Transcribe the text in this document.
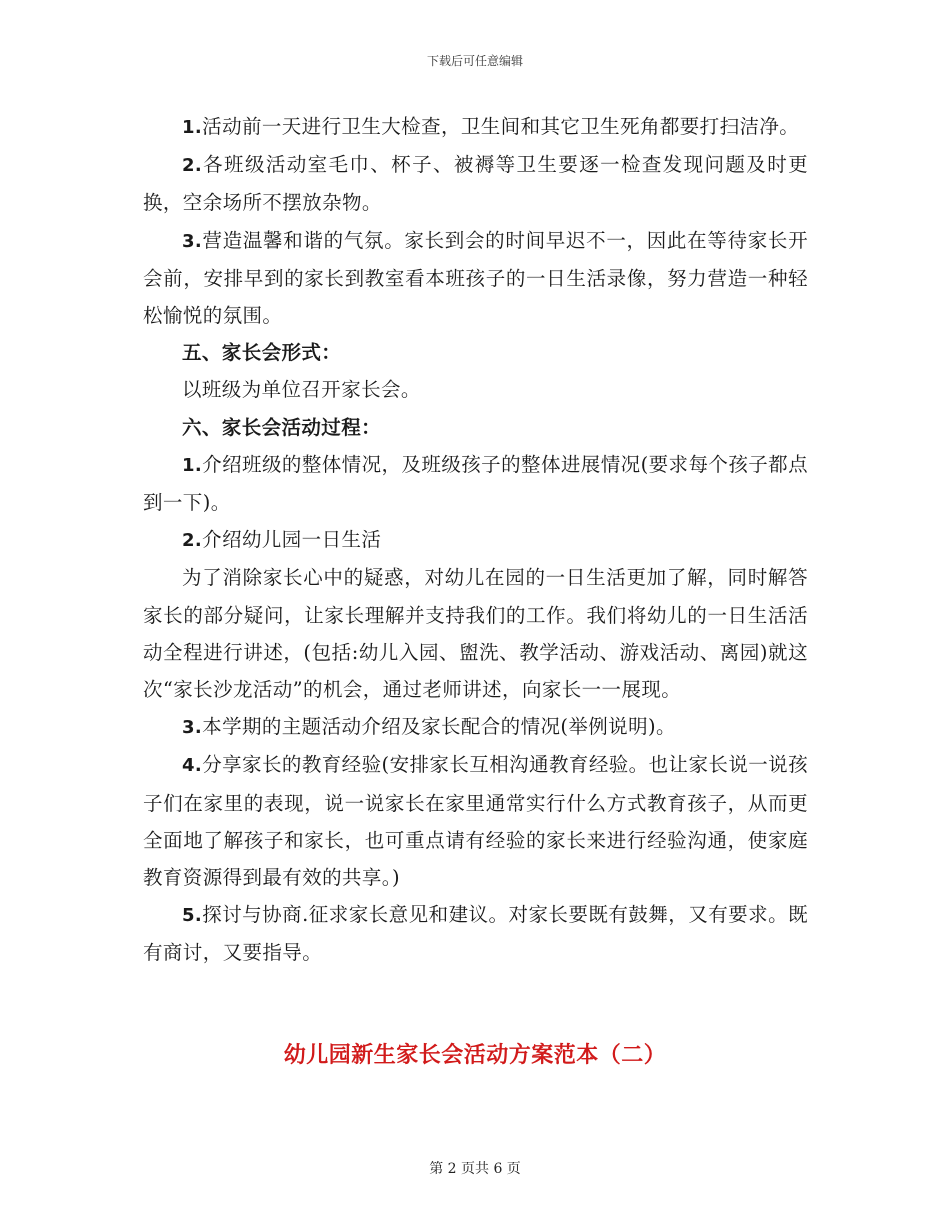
下载后可任意编辑

1.活动前一天进行卫生大检查，卫生间和其它卫生死角都要打扫洁净。

2.各班级活动室毛巾、杯子、被褥等卫生要逐一检查发现问题及时更换，空余场所不摆放杂物。

3.营造温馨和谐的气氛。家长到会的时间早迟不一，因此在等待家长开会前，安排早到的家长到教室看本班孩子的一日生活录像，努力营造一种轻松愉悦的氛围。

五、家长会形式：

以班级为单位召开家长会。

六、家长会活动过程：

1.介绍班级的整体情况，及班级孩子的整体进展情况(要求每个孩子都点到一下)。

2.介绍幼儿园一日生活

为了消除家长心中的疑惑，对幼儿在园的一日生活更加了解，同时解答家长的部分疑问，让家长理解并支持我们的工作。我们将幼儿的一日生活活动全程进行讲述，(包括:幼儿入园、盥洗、教学活动、游戏活动、离园)就这次“家长沙龙活动”的机会，通过老师讲述，向家长一一展现。

3.本学期的主题活动介绍及家长配合的情况(举例说明)。

4.分享家长的教育经验(安排家长互相沟通教育经验。也让家长说一说孩子们在家里的表现，说一说家长在家里通常实行什么方式教育孩子，从而更全面地了解孩子和家长，也可重点请有经验的家长来进行经验沟通，使家庭教育资源得到最有效的共享。)

5.探讨与协商.征求家长意见和建议。对家长要既有鼓舞，又有要求。既有商讨，又要指导。

幼儿园新生家长会活动方案范本（二）
第 2 页共 6 页
